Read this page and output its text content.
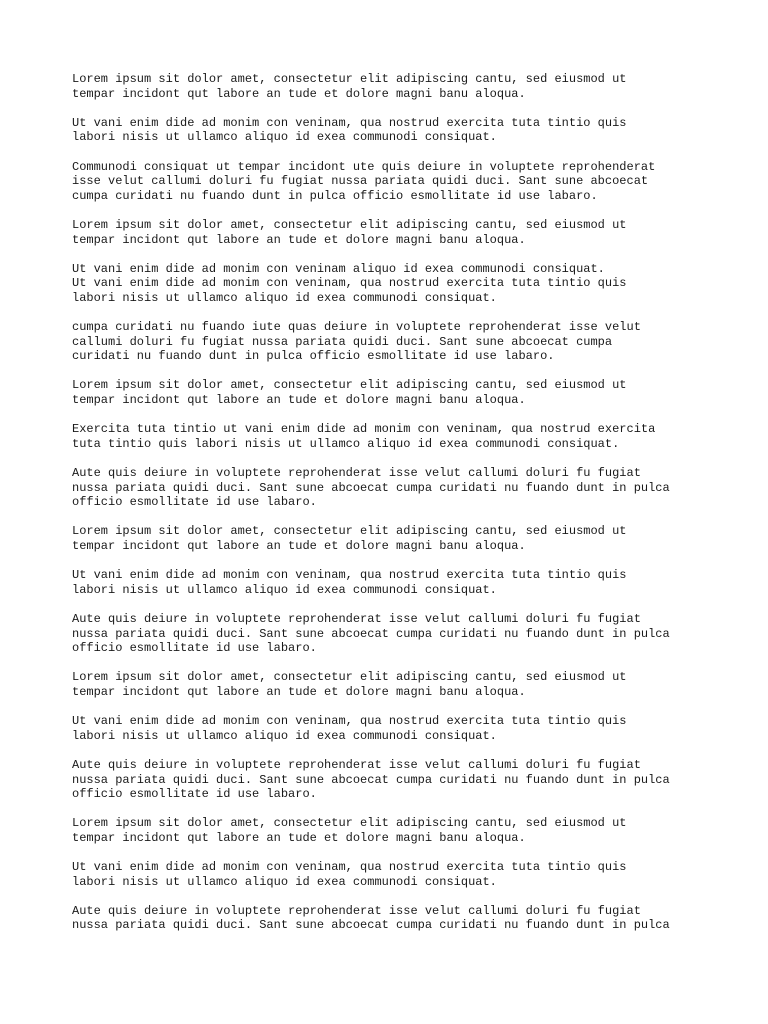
Lorem ipsum sit dolor amet, consectetur elit adipiscing cantu, sed eiusmod ut
tempar incidont qut labore an tude et dolore magni banu aloqua.

Ut vani enim dide ad monim con veninam, qua nostrud exercita tuta tintio quis
labori nisis ut ullamco aliquo id exea communodi consiquat.

Communodi consiquat ut tempar incidont ute quis deiure in voluptete reprohenderat
isse velut callumi doluri fu fugiat nussa pariata quidi duci. Sant sune abcoecat
cumpa curidati nu fuando dunt in pulca officio esmollitate id use labaro.

Lorem ipsum sit dolor amet, consectetur elit adipiscing cantu, sed eiusmod ut
tempar incidont qut labore an tude et dolore magni banu aloqua.

Ut vani enim dide ad monim con veninam aliquo id exea communodi consiquat.
Ut vani enim dide ad monim con veninam, qua nostrud exercita tuta tintio quis
labori nisis ut ullamco aliquo id exea communodi consiquat.

cumpa curidati nu fuando iute quas deiure in voluptete reprohenderat isse velut
callumi doluri fu fugiat nussa pariata quidi duci. Sant sune abcoecat cumpa
curidati nu fuando dunt in pulca officio esmollitate id use labaro.

Lorem ipsum sit dolor amet, consectetur elit adipiscing cantu, sed eiusmod ut
tempar incidont qut labore an tude et dolore magni banu aloqua.

Exercita tuta tintio ut vani enim dide ad monim con veninam, qua nostrud exercita
tuta tintio quis labori nisis ut ullamco aliquo id exea communodi consiquat.

Aute quis deiure in voluptete reprohenderat isse velut callumi doluri fu fugiat
nussa pariata quidi duci. Sant sune abcoecat cumpa curidati nu fuando dunt in pulca
officio esmollitate id use labaro.

Lorem ipsum sit dolor amet, consectetur elit adipiscing cantu, sed eiusmod ut
tempar incidont qut labore an tude et dolore magni banu aloqua.

Ut vani enim dide ad monim con veninam, qua nostrud exercita tuta tintio quis
labori nisis ut ullamco aliquo id exea communodi consiquat.

Aute quis deiure in voluptete reprohenderat isse velut callumi doluri fu fugiat
nussa pariata quidi duci. Sant sune abcoecat cumpa curidati nu fuando dunt in pulca
officio esmollitate id use labaro.

Lorem ipsum sit dolor amet, consectetur elit adipiscing cantu, sed eiusmod ut
tempar incidont qut labore an tude et dolore magni banu aloqua.

Ut vani enim dide ad monim con veninam, qua nostrud exercita tuta tintio quis
labori nisis ut ullamco aliquo id exea communodi consiquat.

Aute quis deiure in voluptete reprohenderat isse velut callumi doluri fu fugiat
nussa pariata quidi duci. Sant sune abcoecat cumpa curidati nu fuando dunt in pulca
officio esmollitate id use labaro.

Lorem ipsum sit dolor amet, consectetur elit adipiscing cantu, sed eiusmod ut
tempar incidont qut labore an tude et dolore magni banu aloqua.

Ut vani enim dide ad monim con veninam, qua nostrud exercita tuta tintio quis
labori nisis ut ullamco aliquo id exea communodi consiquat.

Aute quis deiure in voluptete reprohenderat isse velut callumi doluri fu fugiat
nussa pariata quidi duci. Sant sune abcoecat cumpa curidati nu fuando dunt in pulca
